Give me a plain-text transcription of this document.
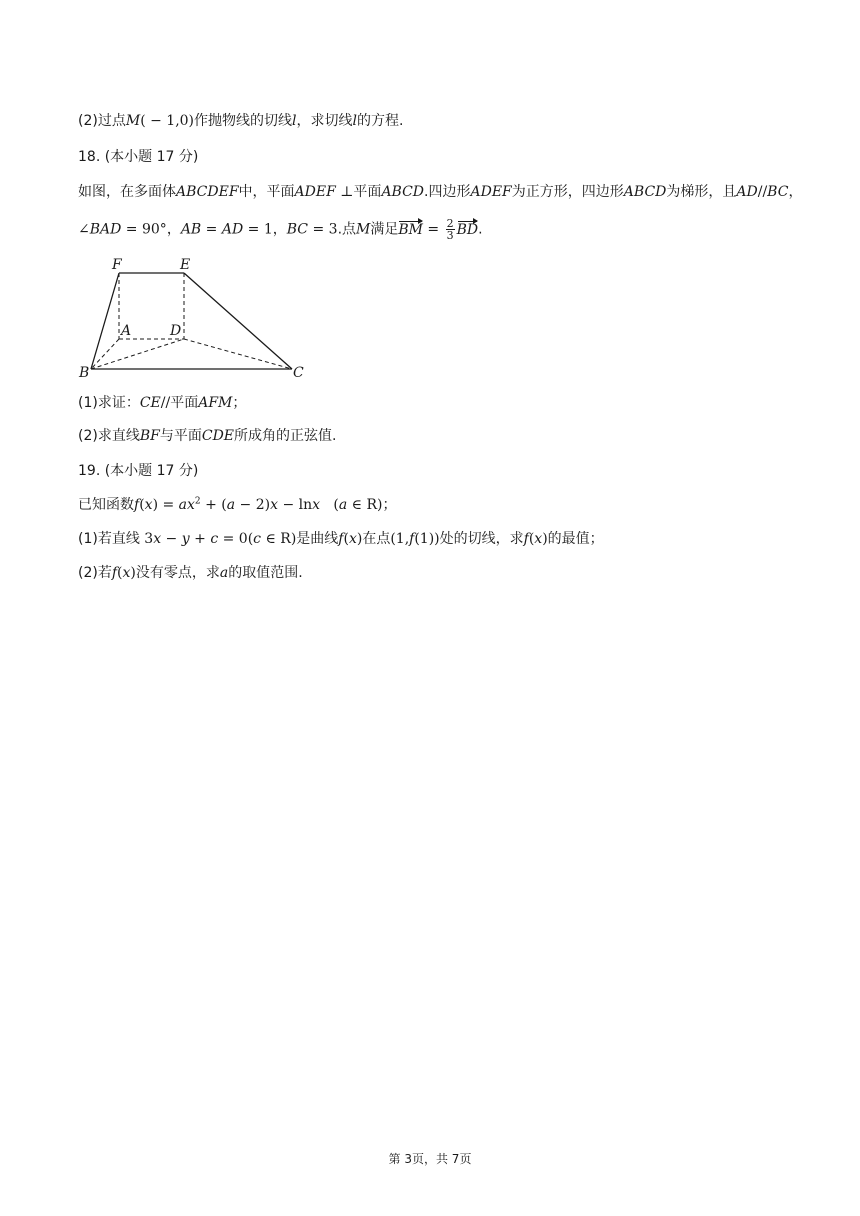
(2)过点M( − 1,0)作抛物线的切线l，求切线l的方程.
18. (本小题 17 分)
如图，在多面体ABCDEF中，平面ADEF ⊥平面ABCD.四边形ADEF为正方形，四边形ABCD为梯形，且AD//BC，
∠BAD = 90°，AB = AD = 1，BC = 3.点M满足BM = $\frac{2}{3}$ BD.
F	E
A	D
B	C
(1)求证：CE//平面AFM；
(2)求直线BF与平面CDE所成角的正弦值.
19. (本小题 17 分)
已知函数$f(x) = ax^2 + (a - 2)x - \ln x$   (a ∈ R)；
(1)若直线 3x − y + c = 0(c ∈ R)是曲线f(x)在点(1,f(1))处的切线，求f(x)的最值；
(2)若f(x)没有零点，求a的取值范围.
第 3页，共 7页
